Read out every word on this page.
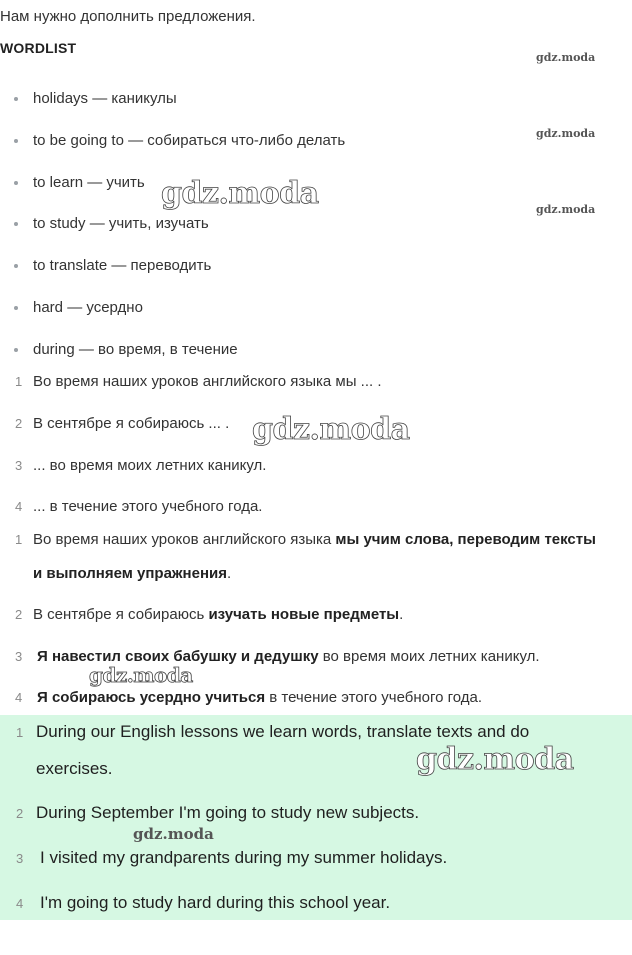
Нам нужно дополнить предложения.
WORDLIST
holidays — каникулы
to be going to — собираться что-либо делать
to learn — учить
to study — учить, изучать
to translate — переводить
hard — усердно
during — во время, в течение
1 Во время наших уроков английского языка мы ... .
2 В сентябре я собираюсь ... .
3 ... во время моих летних каникул.
4 ... в течение этого учебного года.
1 Во время наших уроков английского языка мы учим слова, переводим тексты и выполняем упражнения.
2 В сентябре я собираюсь изучать новые предметы.
3 Я навестил своих бабушку и дедушку во время моих летних каникул.
4 Я собираюсь усердно учиться в течение этого учебного года.
1 During our English lessons we learn words, translate texts and do exercises.
2 During September I'm going to study new subjects.
3 I visited my grandparents during my summer holidays.
4 I'm going to study hard during this school year.
gdz.moda
gdz.moda
gdz.moda
gdz.moda
gdz.moda
gdz.moda
gdz.moda
gdz.moda
